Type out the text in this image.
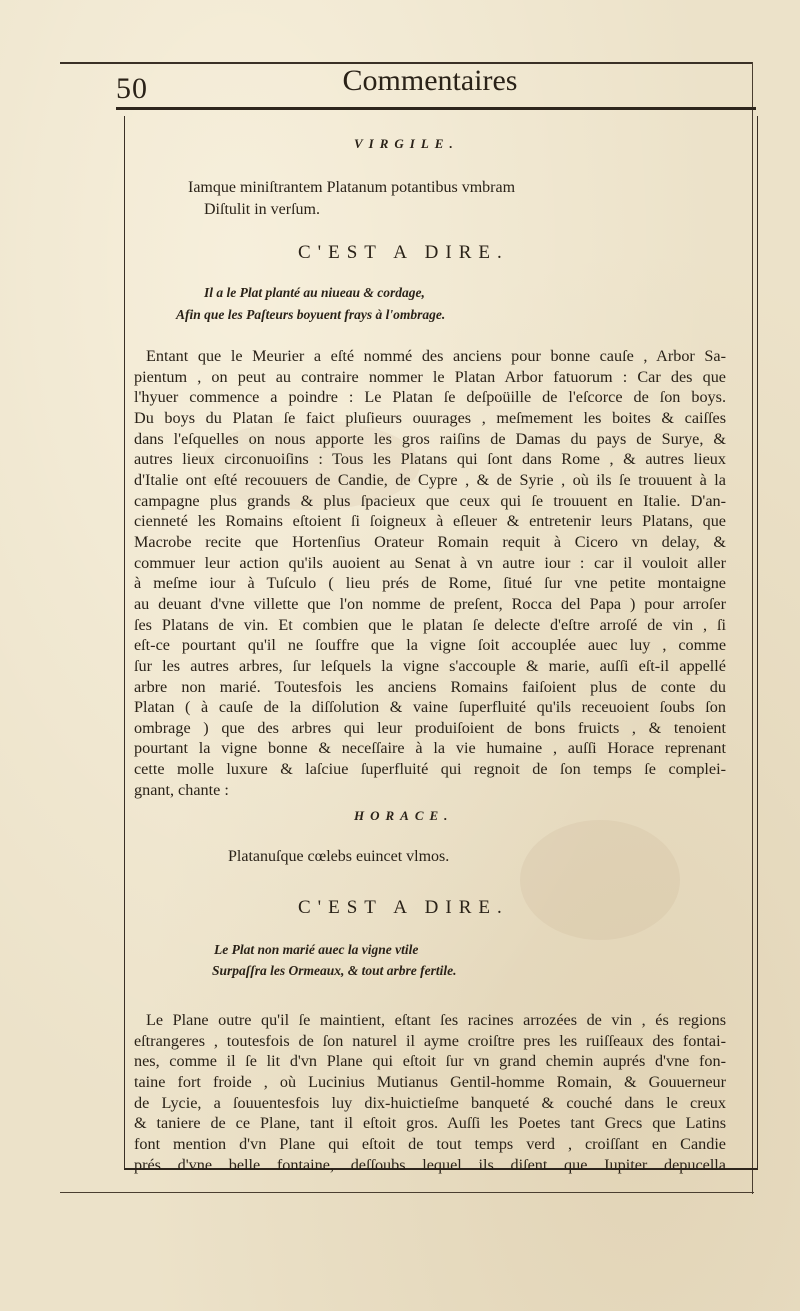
50	Commentaires
VIRGILE.
Iamque miniſtrantem Platanum potantibus vmbram
Diſtulit in verſum.
C'EST A DIRE.
Il a le Plat planté au niueau & cordage,
Afin que les Paſteurs boyuent frays à l'ombrage.
Entant que le Meurier a eſté nommé des anciens pour bonne cauſe , Arbor Sa-
pientum , on peut au contraire nommer le Platan Arbor fatuorum : Car des que
l'hyuer commence a poindre : Le Platan ſe deſpoüille de l'eſcorce de ſon boys.
Du boys du Platan ſe faict pluſieurs ouurages , meſmement les boites & caiſſes
dans l'eſquelles on nous apporte les gros raiſins de Damas du pays de Surye, &
autres lieux circonuoiſins : Tous les Platans qui ſont dans Rome , & autres lieux
d'Italie ont eſté recouuers de Candie, de Cypre , & de Syrie , où ils ſe trouuent à la
campagne plus grands & plus ſpacieux que ceux qui ſe trouuent en Italie. D'an-
cienneté les Romains eſtoient ſi ſoigneux à eſleuer & entretenir leurs Platans, que
Macrobe recite que Hortenſius Orateur Romain requit à Cicero vn delay, &
commuer leur action qu'ils auoient au Senat à vn autre iour : car il vouloit aller
à meſme iour à Tuſculo ( lieu prés de Rome, ſitué ſur vne petite montaigne
au deuant d'vne villette que l'on nomme de preſent, Rocca del Papa ) pour arroſer
ſes Platans de vin. Et combien que le platan ſe delecte d'eſtre arroſé de vin , ſi
eſt-ce pourtant qu'il ne ſouffre que la vigne ſoit accouplée auec luy , comme
ſur les autres arbres, ſur leſquels la vigne s'accouple & marie, auſſi eſt-il appellé
arbre non marié. Toutesfois les anciens Romains faiſoient plus de conte du
Platan ( à cauſe de la diſſolution & vaine ſuperfluité qu'ils receuoient ſoubs ſon
ombrage ) que des arbres qui leur produiſoient de bons fruicts , & tenoient
pourtant la vigne bonne & neceſſaire à la vie humaine , auſſi Horace reprenant
cette molle luxure & laſciue ſuperfluité qui regnoit de ſon temps ſe complei-
gnant, chante :
HORACE.
Platanuſque cœlebs euincet vlmos.
C'EST A DIRE.
Le Plat non marié auec la vigne vtile
Surpaſſra les Ormeaux, & tout arbre fertile.
Le Plane outre qu'il ſe maintient, eſtant ſes racines arrozées de vin , és regions
eſtrangeres , toutesfois de ſon naturel il ayme croiſtre pres les ruiſſeaux des fontai-
nes, comme il ſe lit d'vn Plane qui eſtoit ſur vn grand chemin auprés d'vne fon-
taine fort froide , où Lucinius Mutianus Gentil-homme Romain, & Gouuerneur
de Lycie, a ſouuentesfois luy dix-huictieſme banqueté & couché dans le creux
& taniere de ce Plane, tant il eſtoit gros. Auſſi les Poetes tant Grecs que Latins
font mention d'vn Plane qui eſtoit de tout temps verd , croiſſant en Candie
prés d'vne belle fontaine, deſſoubs lequel ils diſent que Iupiter depucella
